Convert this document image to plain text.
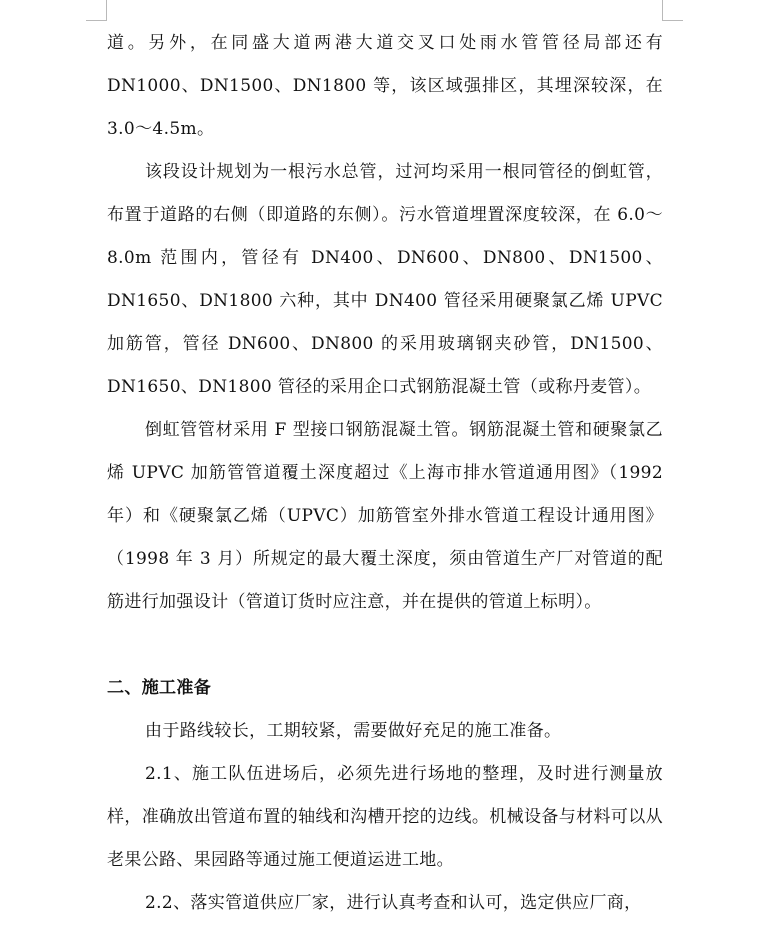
道。另外，在同盛大道两港大道交叉口处雨水管管径局部还有DN1000、DN1500、DN1800 等，该区域强排区，其埋深较深，在 3.0～4.5m。

该段设计规划为一根污水总管，过河均采用一根同管径的倒虹管，布置于道路的右侧（即道路的东侧）。污水管道埋置深度较深，在 6.0～8.0m 范围内，管径有 DN400、DN600、DN800、DN1500、DN1650、DN1800 六种，其中 DN400 管径采用硬聚氯乙烯 UPVC 加筋管，管径 DN600、DN800 的采用玻璃钢夹砂管，DN1500、DN1650、DN1800 管径的采用企口式钢筋混凝土管（或称丹麦管）。

倒虹管管材采用 F 型接口钢筋混凝土管。钢筋混凝土管和硬聚氯乙烯 UPVC 加筋管管道覆土深度超过《上海市排水管道通用图》（1992 年）和《硬聚氯乙烯（UPVC）加筋管室外排水管道工程设计通用图》（1998 年 3 月）所规定的最大覆土深度，须由管道生产厂对管道的配筋进行加强设计（管道订货时应注意，并在提供的管道上标明）。

二、施工准备

由于路线较长，工期较紧，需要做好充足的施工准备。

2.1、施工队伍进场后，必须先进行场地的整理，及时进行测量放样，准确放出管道布置的轴线和沟槽开挖的边线。机械设备与材料可以从老果公路、果园路等通过施工便道运进工地。

2.2、落实管道供应厂家，进行认真考查和认可，选定供应厂商，
